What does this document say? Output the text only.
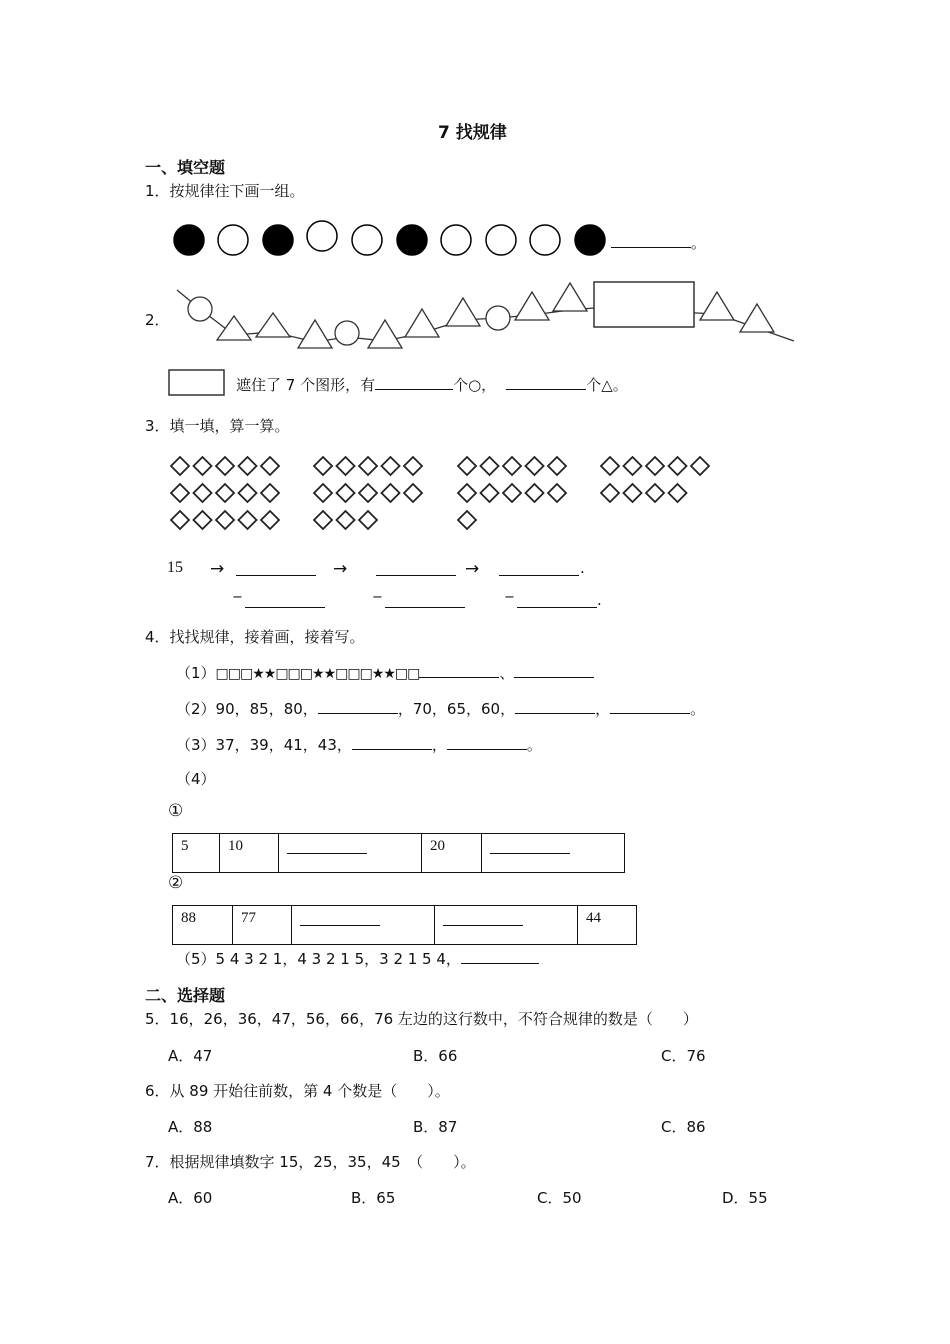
7 找规律
一、填空题
1．按规律往下画一组。
。
2．
遮住了 7 个图形，有	个○，	个△。
3．填一填，算一算。
15 →	→	→	.
−	−	−	.
4．找找规律，接着画，接着写。
（1）□□□★★□□□★★□□□★★□□	、
（2）90，85，80，	，70，65，60，	，	。
（3）37，39，41，43，	，	。
（4）
①
5	10		20	
②
88	77			44
（5）5 4 3 2 1，4 3 2 1 5，3 2 1 5 4，
二、选择题
5．16，26，36，47，56，66，76 左边的这行数中，不符合规律的数是（　　）
A．47	B．66	C．76
6．从 89 开始往前数，第 4 个数是（　　）。
A．88	B．87	C．86
7．根据规律填数字 15，25，35，45　（　　）。
A．60	B．65	C．50	D．55
